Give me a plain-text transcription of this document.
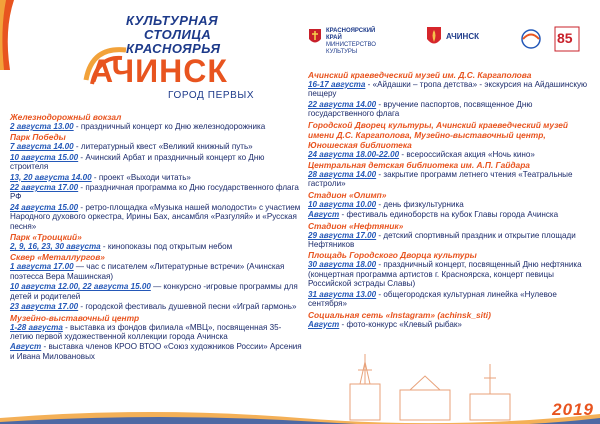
КУЛЬТУРНАЯ
СТОЛИЦА
КРАСНОЯРЬЯ
АЧИНСК
ГОРОД ПЕРВЫХ
КРАСНОЯРСКИЙ
КРАЙ
МИНИСТЕРСТВО
КУЛЬТУРЫ
АЧИНСК	85
Железнодорожный вокзал
2 августа 13.00 - праздничный концерт ко Дню железнодорожника
Парк Победы
7 августа 14.00 - литературный квест «Великий книжный путь»
10 августа 15.00 - Ачинский Арбат и праздничный концерт ко Дню строителя
13, 20 августа 14.00 - проект «Выходи читать»
22 августа 17.00 - праздничная программа ко Дню государственного флага РФ
24 августа 15.00 - ретро-площадка «Музыка нашей молодости» с участием Народного духового оркестра, Ирины Бах, ансамбля «Разгуляй» и «Русская песня»
Парк «Троицкий»
2, 9, 16, 23, 30 августа - кинопоказы под открытым небом
Сквер «Металлургов»
1 августа 17.00 — час с писателем «Литературные встречи» (Ачинская поэтесса Вера Машинская)
10 августа 12.00, 22 августа 15.00 — конкурсно -игровые программы для детей и родителей
23 августа 17.00 - городской фестиваль душевной песни «Играй гармонь»
Музейно-выставочный центр
1-28 августа - выставка из фондов филиала «МВЦ», посвященная 35-летию первой художественной коллекции города Ачинска
Август - выставка членов КРОО ВТОО «Союз художников России» Арсения и Ивана Миловановых
Ачинский краеведческий музей им. Д.С. Каргаполова
16-17 августа - «Айдашки – тропа детства» - экскурсия на Айдашинскую пещеру
22 августа 14.00 - вручение паспортов, посвященное Дню государственного флага
Городской Дворец культуры, Ачинский краеведческий музей имени Д.С. Каргаполова, Музейно-выставочный центр, Юношеская библиотека
24 августа 18.00-22.00 - всероссийская акция «Ночь кино»
Центральная детская библиотека им. А.П. Гайдара
28 августа 14.00 - закрытие программ летнего чтения «Театральные гастроли»
Стадион «Олимп»
10 августа 10.00 - день физкультурника
Август - фестиваль единоборств на кубок Главы города Ачинска
Стадион «Нефтяник»
29 августа 17.00 - детский спортивный праздник и открытие площади Нефтяников
Площадь Городского Дворца культуры
30 августа 18.00 - праздничный концерт, посвященный Дню нефтяника (концертная программа артистов г. Красноярска, концерт певицы Российской эстрады Славы)
31 августа 13.00 - общегородская культурная линейка «Нулевое сентября»
Социальная сеть «Instagram» (achinsk_siti)
Август - фото-конкурс «Клевый рыбак»
2019
